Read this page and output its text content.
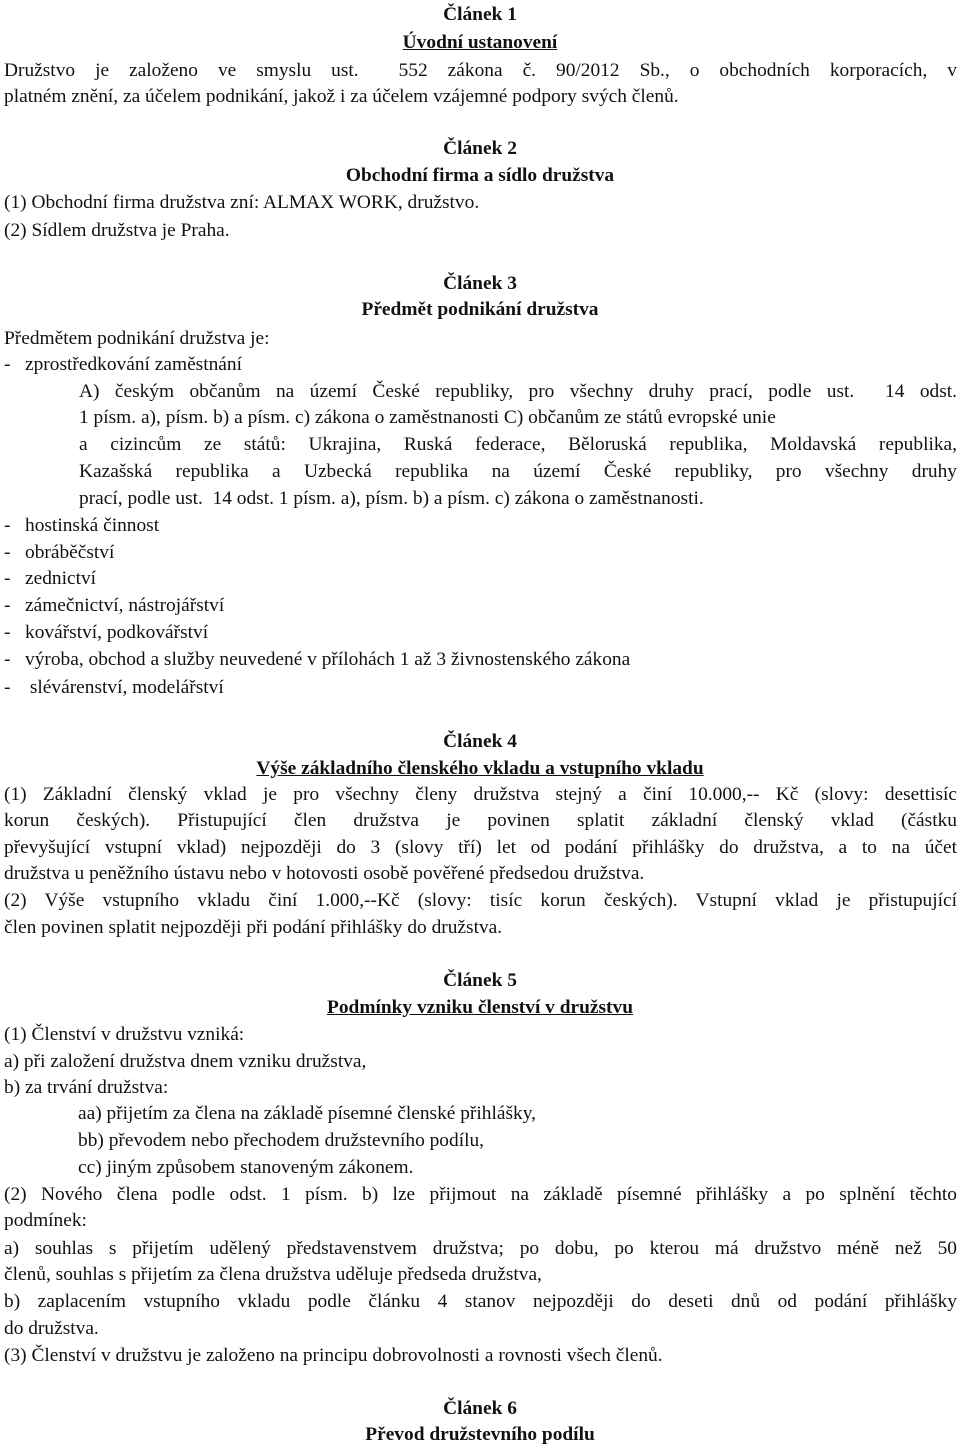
Článek 1
Úvodní ustanovení
Družstvo je založeno ve smyslu ust.  552 zákona č. 90/2012 Sb., o obchodních korporacích, v
platném znění, za účelem podnikání, jakož i za účelem vzájemné podpory svých členů.
Článek 2
Obchodní firma a sídlo družstva
(1) Obchodní firma družstva zní: ALMAX WORK, družstvo.
(2) Sídlem družstva je Praha.
Článek 3
Předmět podnikání družstva
Předmětem podnikání družstva je:
-   zprostředkování zaměstnání
A) českým občanům na území České republiky, pro všechny druhy prací, podle ust.  14 odst.
1 písm. a), písm. b) a písm. c) zákona o zaměstnanosti C) občanům ze států evropské unie
a cizincům ze států: Ukrajina, Ruská federace, Běloruská republika, Moldavská republika,
Kazašská republika a Uzbecká republika na území České republiky, pro všechny druhy
prací, podle ust.  14 odst. 1 písm. a), písm. b) a písm. c) zákona o zaměstnanosti.
-   hostinská činnost
-   obráběčství
-   zednictví
-   zámečnictví, nástrojářství
-   kovářství, podkovářství
-   výroba, obchod a služby neuvedené v přílohách 1 až 3 živnostenského zákona
-    slévárenství, modelářství
Článek 4
Výše základního členského vkladu a vstupního vkladu
(1) Základní členský vklad je pro všechny členy družstva stejný a činí 10.000,-- Kč (slovy: desettisíc
korun českých). Přistupující člen družstva je povinen splatit základní členský vklad (částku
převyšující vstupní vklad) nejpozději do 3 (slovy tří) let od podání přihlášky do družstva, a to na účet
družstva u peněžního ústavu nebo v hotovosti osobě pověřené předsedou družstva.
(2) Výše vstupního vkladu činí 1.000,--Kč (slovy: tisíc korun českých). Vstupní vklad je přistupující
člen povinen splatit nejpozději při podání přihlášky do družstva.
Článek 5
Podmínky vzniku členství v družstvu
(1) Členství v družstvu vzniká:
a) při založení družstva dnem vzniku družstva,
b) za trvání družstva:
aa) přijetím za člena na základě písemné členské přihlášky,
bb) převodem nebo přechodem družstevního podílu,
cc) jiným způsobem stanoveným zákonem.
(2) Nového člena podle odst. 1 písm. b) lze přijmout na základě písemné přihlášky a po splnění těchto
podmínek:
a) souhlas s přijetím udělený představenstvem družstva; po dobu, po kterou má družstvo méně než 50
členů, souhlas s přijetím za člena družstva uděluje předseda družstva,
b) zaplacením vstupního vkladu podle článku 4 stanov nejpozději do deseti dnů od podání přihlášky
do družstva.
(3) Členství v družstvu je založeno na principu dobrovolnosti a rovnosti všech členů.
Článek 6
Převod družstevního podílu
